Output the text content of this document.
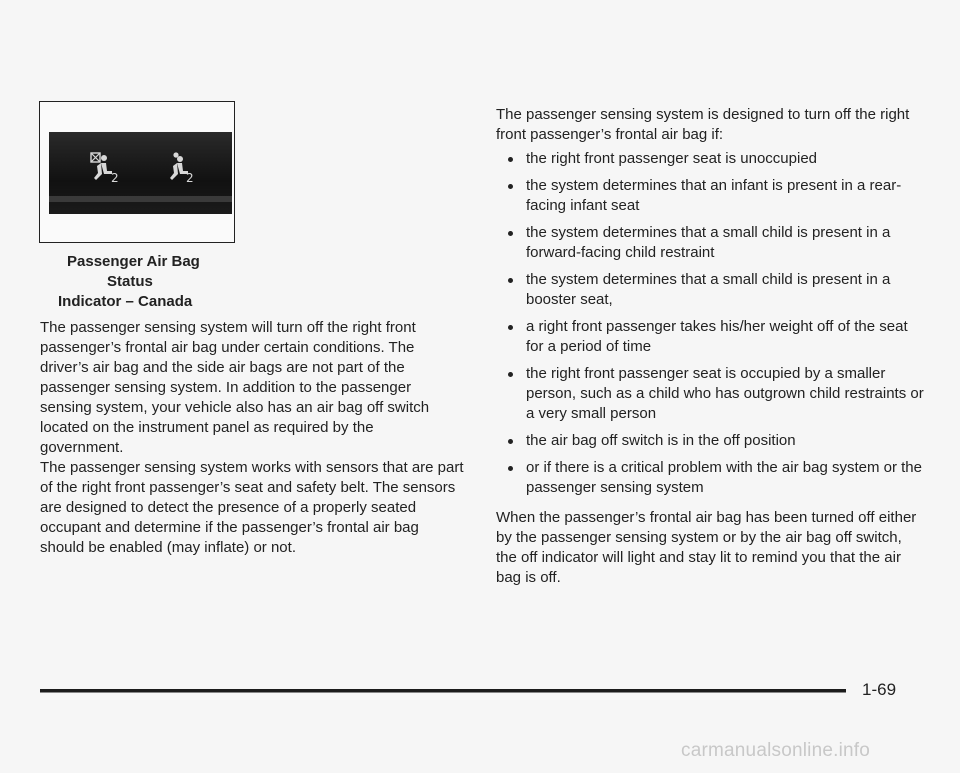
2	2
Passenger Air Bag
Status
Indicator – Canada

The passenger sensing system will turn off the right front passenger’s frontal air bag under certain conditions. The driver’s air bag and the side air bags are not part of the passenger sensing system. In addition to the passenger sensing system, your vehicle also has an air bag off switch located on the instrument panel as required by the government.

The passenger sensing system works with sensors that are part of the right front passenger’s seat and safety belt. The sensors are designed to detect the presence of a properly seated occupant and determine if the passenger’s frontal air bag should be enabled (may inflate) or not.

The passenger sensing system is designed to turn off the right front passenger’s frontal air bag if:

the right front passenger seat is unoccupied
the system determines that an infant is present in a rear-facing infant seat
the system determines that a small child is present in a forward-facing child restraint
the system determines that a small child is present in a booster seat,
a right front passenger takes his/her weight off of the seat for a period of time
the right front passenger seat is occupied by a smaller person, such as a child who has outgrown child restraints or a very small person
the air bag off switch is in the off position
or if there is a critical problem with the air bag system or the passenger sensing system

When the passenger’s frontal air bag has been turned off either by the passenger sensing system or by the air bag off switch, the off indicator will light and stay lit to remind you that the air bag is off.

1-69
carmanualsonline.info
